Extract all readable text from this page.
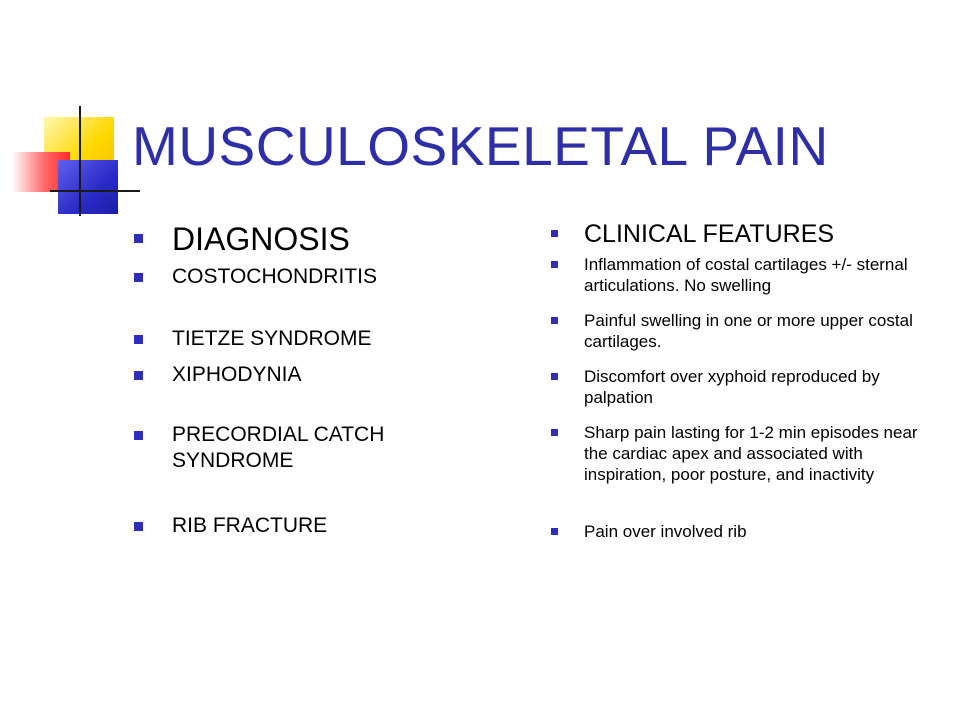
MUSCULOSKELETAL PAIN
DIAGNOSIS
COSTOCHONDRITIS
TIETZE SYNDROME
XIPHODYNIA
PRECORDIAL CATCH SYNDROME
RIB FRACTURE
CLINICAL FEATURES
Inflammation of costal cartilages +/- sternal articulations. No swelling
Painful swelling in one or more upper costal cartilages.
Discomfort over xyphoid reproduced by palpation
Sharp pain lasting for 1-2 min episodes near the cardiac apex and associated with inspiration, poor posture, and inactivity
Pain over involved rib
